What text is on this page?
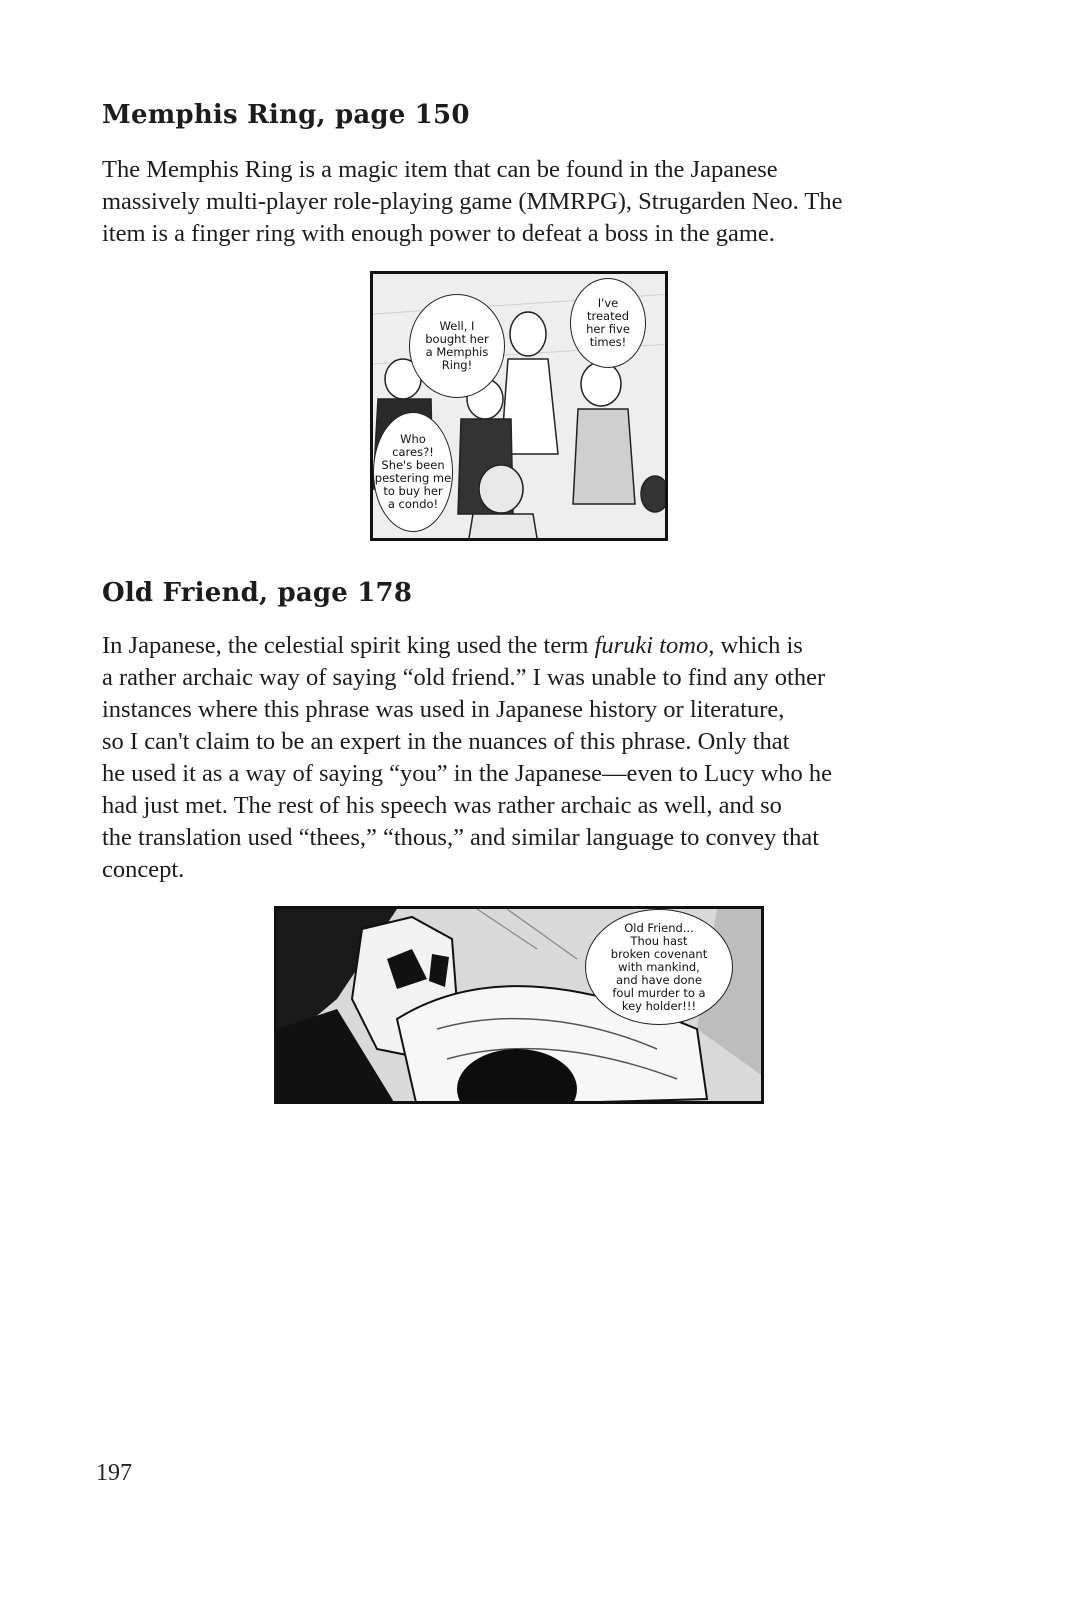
Memphis Ring, page 150

The Memphis Ring is a magic item that can be found in the Japanese
massively multi-player role-playing game (MMRPG), Strugarden Neo. The
item is a finger ring with enough power to defeat a boss in the game.

Well, I
bought her
a Memphis
Ring!
I've
treated
her five
times!
Who
cares?!
She's been
pestering me
to buy her
a condo!
Old Friend, page 178

In Japanese, the celestial spirit king used the term furuki tomo, which is
a rather archaic way of saying “old friend.” I was unable to find any other
instances where this phrase was used in Japanese history or literature,
so I can't claim to be an expert in the nuances of this phrase. Only that
he used it as a way of saying “you” in the Japanese—even to Lucy who he
had just met. The rest of his speech was rather archaic as well, and so
the translation used “thees,” “thous,” and similar language to convey that
concept.

Old Friend...
Thou hast
broken covenant
with mankind,
and have done
foul murder to a
key holder!!!
197
